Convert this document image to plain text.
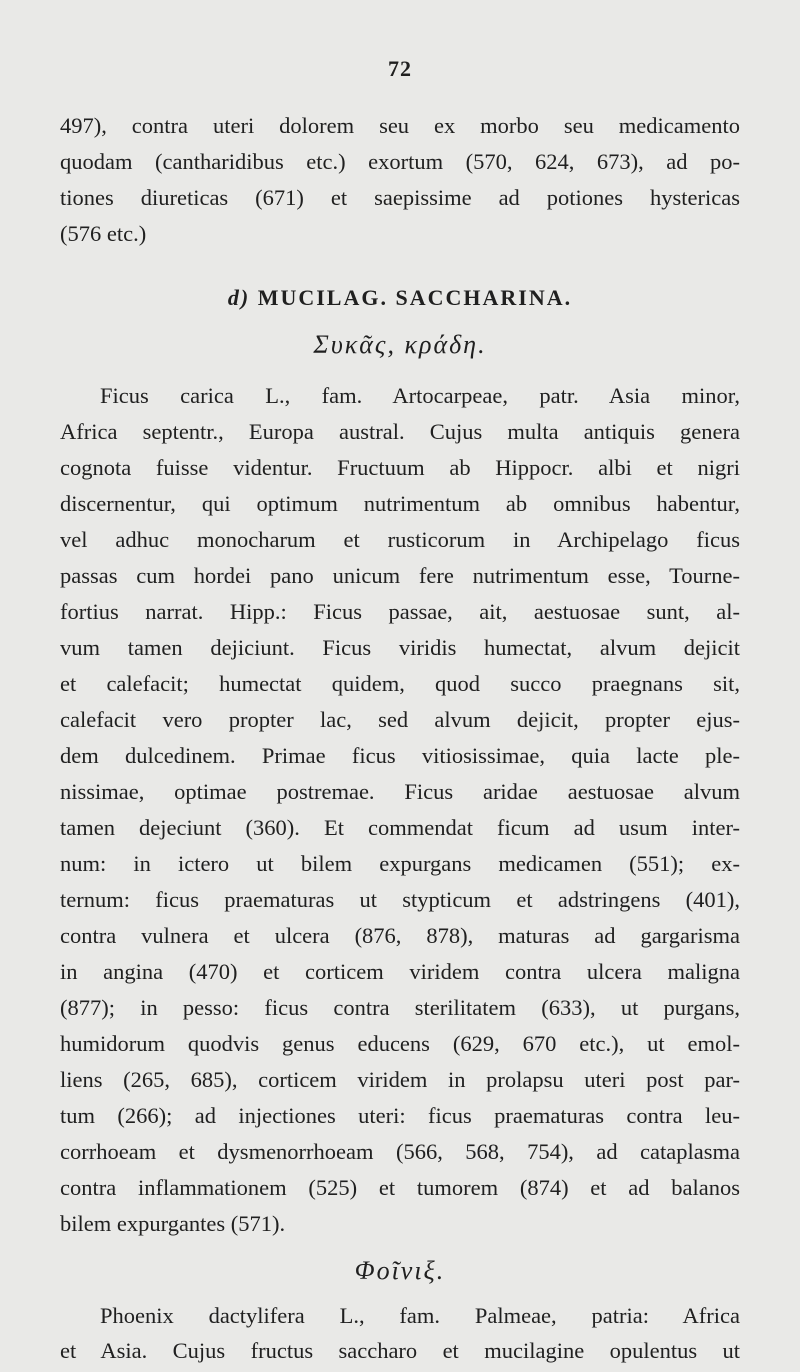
72
497), contra uteri dolorem seu ex morbo seu medicamento
quodam (cantharidibus etc.) exortum (570, 624, 673), ad po-
tiones diureticas (671) et saepissime ad potiones hystericas
(576 etc.)
d) MUCILAG. SACCHARINA.
Συκᾶς, κράδη.
Ficus carica L., fam. Artocarpeae, patr. Asia minor,
Africa septentr., Europa austral. Cujus multa antiquis genera
cognota fuisse videntur. Fructuum ab Hippocr. albi et nigri
discernentur, qui optimum nutrimentum ab omnibus habentur,
vel adhuc monocharum et rusticorum in Archipelago ficus
passas cum hordei pano unicum fere nutrimentum esse, Tourne-
fortius narrat. Hipp.: Ficus passae, ait, aestuosae sunt, al-
vum tamen dejiciunt. Ficus viridis humectat, alvum dejicit
et calefacit; humectat quidem, quod succo praegnans sit,
calefacit vero propter lac, sed alvum dejicit, propter ejus-
dem dulcedinem. Primae ficus vitiosissimae, quia lacte ple-
nissimae, optimae postremae. Ficus aridae aestuosae alvum
tamen dejeciunt (360). Et commendat ficum ad usum inter-
num: in ictero ut bilem expurgans medicamen (551); ex-
ternum: ficus praematuras ut stypticum et adstringens (401),
contra vulnera et ulcera (876, 878), maturas ad gargarisma
in angina (470) et corticem viridem contra ulcera maligna
(877); in pesso: ficus contra sterilitatem (633), ut purgans,
humidorum quodvis genus educens (629, 670 etc.), ut emol-
liens (265, 685), corticem viridem in prolapsu uteri post par-
tum (266); ad injectiones uteri: ficus praematuras contra leu-
corrhoeam et dysmenorrhoeam (566, 568, 754), ad cataplasma
contra inflammationem (525) et tumorem (874) et ad balanos
bilem expurgantes (571).
Φοῖνιξ.
Phoenix dactylifera L., fam. Palmeae, patria: Africa
et Asia. Cujus fructus saccharo et mucilagine opulentus ut
